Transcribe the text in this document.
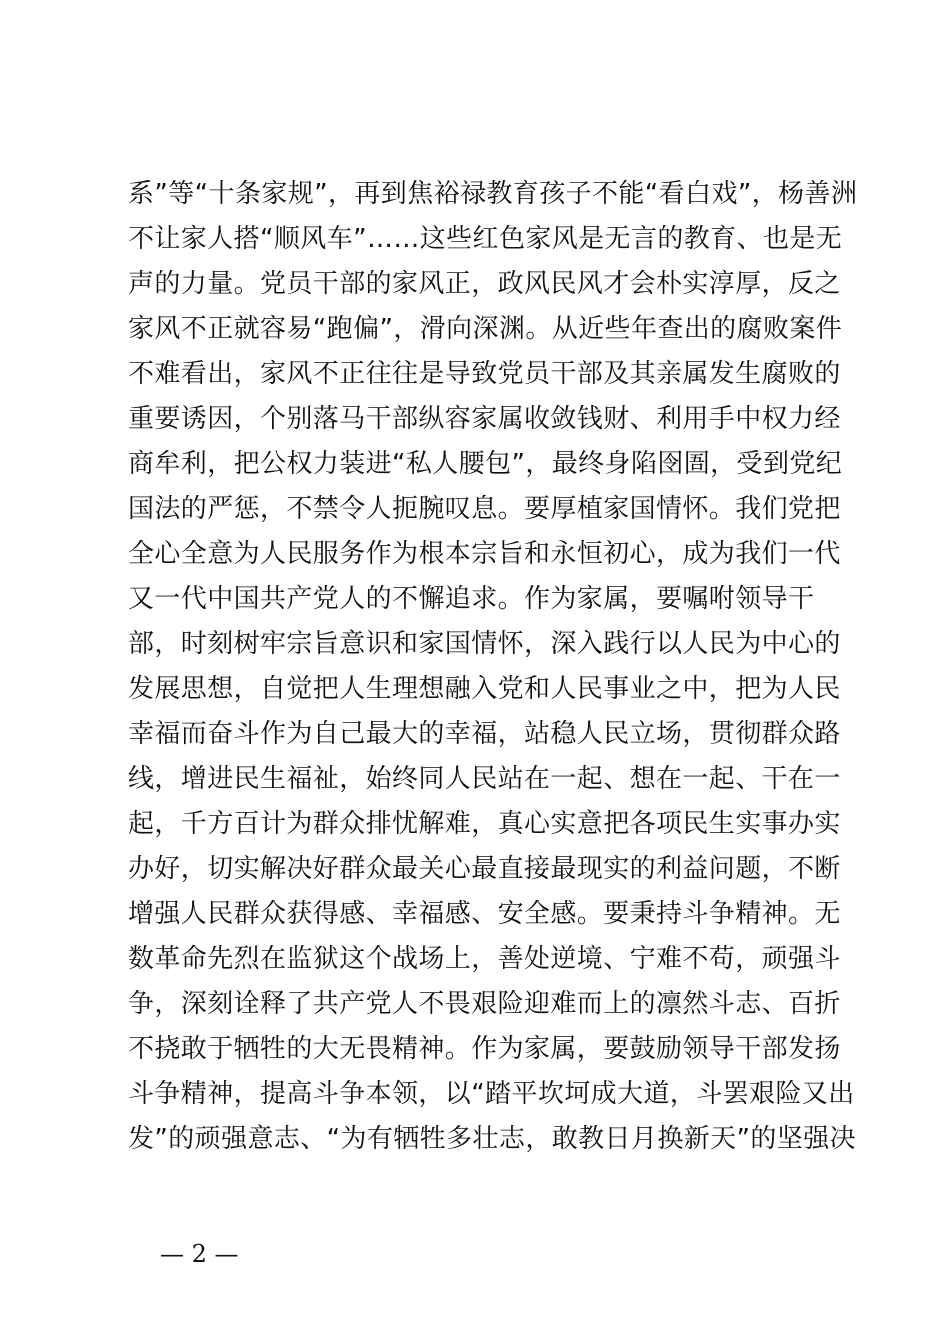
系”等“十条家规”，再到焦裕禄教育孩子不能“看白戏”，杨善洲
不让家人搭“顺风车”……这些红色家风是无言的教育、也是无
声的力量。党员干部的家风正，政风民风才会朴实淳厚，反之
家风不正就容易“跑偏”，滑向深渊。从近些年查出的腐败案件
不难看出，家风不正往往是导致党员干部及其亲属发生腐败的
重要诱因，个别落马干部纵容家属收敛钱财、利用手中权力经
商牟利，把公权力装进“私人腰包”，最终身陷囹圄，受到党纪
国法的严惩，不禁令人扼腕叹息。要厚植家国情怀。我们党把
全心全意为人民服务作为根本宗旨和永恒初心，成为我们一代
又一代中国共产党人的不懈追求。作为家属，要嘱咐领导干
部，时刻树牢宗旨意识和家国情怀，深入践行以人民为中心的
发展思想，自觉把人生理想融入党和人民事业之中，把为人民
幸福而奋斗作为自己最大的幸福，站稳人民立场，贯彻群众路
线，增进民生福祉，始终同人民站在一起、想在一起、干在一
起，千方百计为群众排忧解难，真心实意把各项民生实事办实
办好，切实解决好群众最关心最直接最现实的利益问题，不断
增强人民群众获得感、幸福感、安全感。要秉持斗争精神。无
数革命先烈在监狱这个战场上，善处逆境、宁难不苟，顽强斗
争，深刻诠释了共产党人不畏艰险迎难而上的凛然斗志、百折
不挠敢于牺牲的大无畏精神。作为家属，要鼓励领导干部发扬
斗争精神，提高斗争本领，以“踏平坎坷成大道，斗罢艰险又出
发”的顽强意志、“为有牺牲多壮志，敢教日月换新天”的坚强决
— 2 —
